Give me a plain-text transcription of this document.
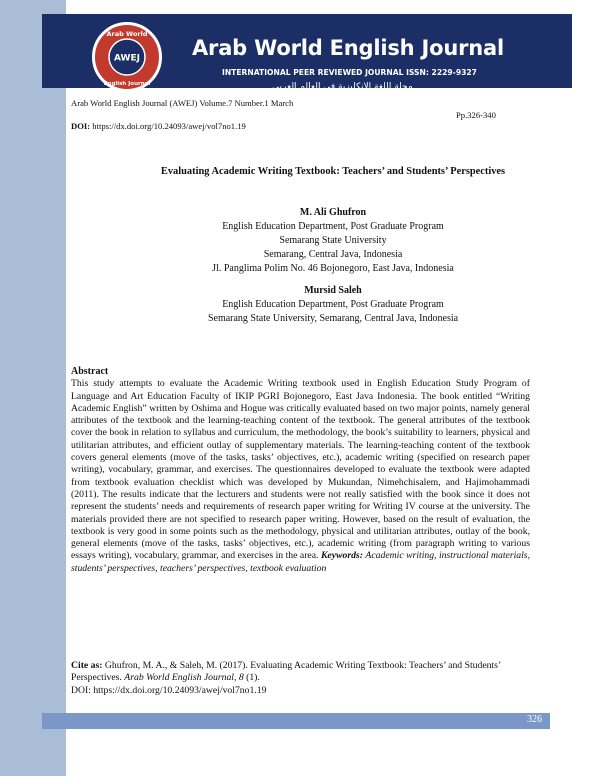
AWEJ
Arab World
English Journal
Arab World English Journal
INTERNATIONAL PEER REVIEWED JOURNAL ISSN: 2229-9327
مجلة اللغة الانكليزية في العالم العربي
Arab World English Journal (AWEJ) Volume.7 Number.1 March
Pp.326-340
DOI: https://dx.doi.org/10.24093/awej/vol7no1.19
Evaluating Academic Writing Textbook: Teachers’ and Students’ Perspectives
M. Ali Ghufron
English Education Department, Post Graduate Program
Semarang State University
Semarang, Central Java, Indonesia
Jl. Panglima Polim No. 46 Bojonegoro, East Java, Indonesia
Mursid Saleh
English Education Department, Post Graduate Program
Semarang State University, Semarang, Central Java, Indonesia
Abstract
This study attempts to evaluate the Academic Writing textbook used in English Education Study Program of Language and Art Education Faculty of IKIP PGRI Bojonegoro, East Java Indonesia. The book entitled “Writing Academic English” written by Oshima and Hogue was critically evaluated based on two major points, namely general attributes of the textbook and the learning-teaching content of the textbook. The general attributes of the textbook cover the book in relation to syllabus and curriculum, the methodology, the book’s suitability to learners, physical and utilitarian attributes, and efficient outlay of supplementary materials. The learning-teaching content of the textbook covers general elements (move of the tasks, tasks’ objectives, etc.), academic writing (specified on research paper writing), vocabulary, grammar, and exercises. The questionnaires developed to evaluate the textbook were adapted from textbook evaluation checklist which was developed by Mukundan, Nimehchisalem, and Hajimohammadi (2011). The results indicate that the lecturers and students were not really satisfied with the book since it does not represent the students’ needs and requirements of research paper writing for Writing IV course at the university. The materials provided there are not specified to research paper writing. However, based on the result of evaluation, the textbook is very good in some points such as the methodology, physical and utilitarian attributes, outlay of the book, general elements (move of the tasks, tasks’ objectives, etc.), academic writing (from paragraph writing to various essays writing), vocabulary, grammar, and exercises in the area. Keywords: Academic writing, instructional materials, students’ perspectives, teachers’ perspectives, textbook evaluation
Cite as: Ghufron, M. A., & Saleh, M. (2017). Evaluating Academic Writing Textbook: Teachers’ and Students’ Perspectives. Arab World English Journal, 8 (1).
DOI: https://dx.doi.org/10.24093/awej/vol7no1.19
326
